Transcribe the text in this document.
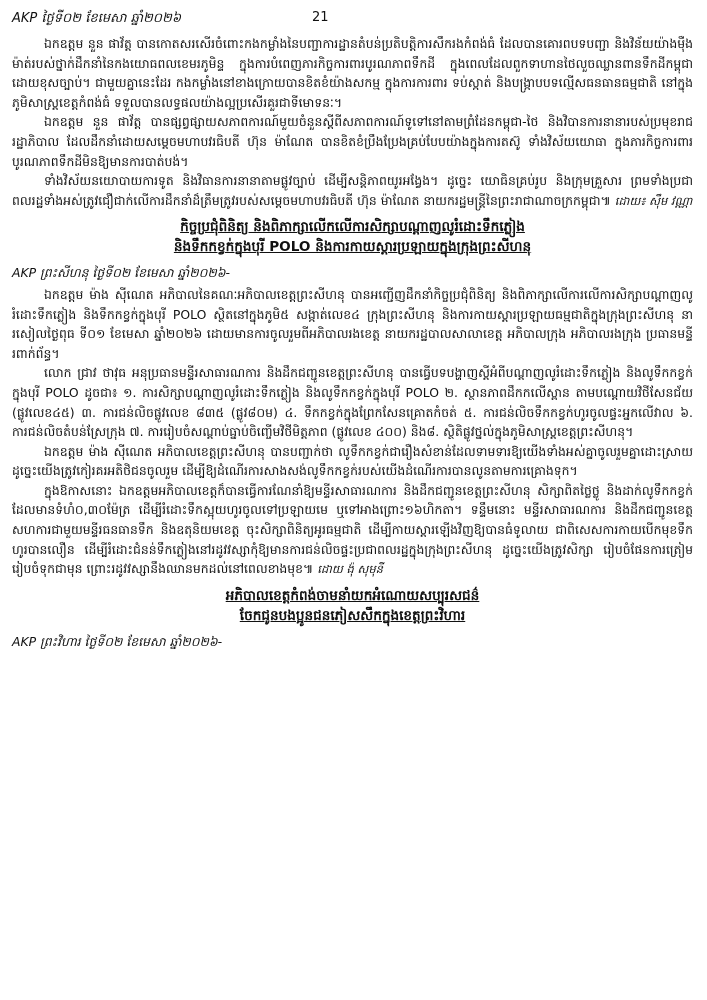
AKP ថ្ងៃទី០២ ខែមេសា ឆ្នាំ២០២៦	21

ឯកឧត្តម នួន ផាវ័ត្ត បានកោតសរសើរចំពោះកងកម្លាំងនៃបញ្ជាការដ្ឋានតំបន់ប្រតិបត្តិការសឹករងកំពង់ធំ ដែលបានគោរពបទបញ្ជា និងវិន័យយ៉ាងម៉ឺងម៉ាត់របស់ថ្នាក់ដឹកនាំនៃកងយោធពលខេមរភូមិន្ទ ក្នុងការបំពេញភារកិច្ចការពារបូរណភាពទឹកដី ក្នុងពេលដែលពួកទាហានថៃលួចឈ្លានពានទឹកដីកម្ពុជាដោយខុសច្បាប់។ ជាមួយគ្នានេះដែរ កងកម្លាំងនៅខាងក្រោយបានខិតខំយ៉ាងសកម្ម ក្នុងការការពារ ទប់ស្កាត់ និងបង្ក្រាបបទល្មើសធនធានធម្មជាតិ នៅក្នុងភូមិសាស្ត្រខេត្តកំពង់ធំ ទទួលបានលទ្ធផលយ៉ាងល្អប្រសើរគួរជាទីមោទនៈ។

ឯកឧត្តម នួន ផាវ័ត្ត បានផ្សព្វផ្សាយសភាពការណ៍មួយចំនួនស្តីពីសភាពការណ៍ទូទៅនៅតាមព្រំដែនកម្ពុជា-ថៃ និងវិបានការនានារបស់ប្រមុខរាជរដ្ឋាភិបាល ដែលដឹកនាំដោយសម្តេចមហាបវរធិបតី ហ៊ុន ម៉ាណែត បានខិតខំប្រឹងប្រែងគ្រប់បែបយ៉ាងក្នុងការតស៊ូ ទាំងវិស័យយោធា ក្នុងភារកិច្ចការពារបូរណភាពទឹកដីមិនឱ្យមានការបាត់បង់។

ទាំងវិស័យនយោបាយការទូត និងវិធានការនានាតាមផ្លូវច្បាប់ ដើម្បីសន្តិភាពយូរអង្វែង។ ដូច្នេះ យោធិនគ្រប់រូប និងក្រុមគ្រួសារ ព្រមទាំងប្រជាពលរដ្ឋទាំងអស់ត្រូវជឿជាក់លើការដឹកនាំដ៏ត្រឹមត្រូវរបស់សម្តេចមហាបវរធិបតី ហ៊ុន ម៉ាណែត នាយករដ្ឋមន្ត្រីនៃព្រះរាជាណាចក្រកម្ពុជា៕ ដោយ៖ ស៊ឹម វណ្ណា

កិច្ចប្រជុំពិនិត្យ និងពិភាក្សាលើកលើការសិក្សាបណ្តាញលូរំដោះទឹកភ្លៀង
និងទឹកកខ្វក់ក្នុងបុរី POLO និងការកាយស្តារប្រឡាយក្នុងក្រុងព្រះសីហនុ
AKP ព្រះសីហនុ ថ្ងៃទី០២ ខែមេសា ឆ្នាំ២០២៦-

ឯកឧត្តម ម៉ាង ស៊ីណេត អភិបាលនៃគណៈអភិបាលខេត្តព្រះសីហនុ បានអញ្ជើញដឹកនាំកិច្ចប្រជុំពិនិត្យ និងពិភាក្សាលើការលើការសិក្សាបណ្តាញលូរំដោះទឹកភ្លៀង និងទឹកកខ្វក់ក្នុងបុរី POLO ស្ថិតនៅក្នុងភូមិ៥ សង្កាត់លេខ៤ ក្រុងព្រះសីហនុ និងការកាយស្តារប្រឡាយធម្មជាតិក្នុងក្រុងព្រះសីហនុ នារសៀលថ្ងៃពុធ ទី០១ ខែមេសា ឆ្នាំ២០២៦ ដោយមានការចូលរួមពីអភិបាលរងខេត្ត នាយករដ្ឋបាលសាលាខេត្ត អភិបាលក្រុង អភិបាលរងក្រុង ប្រធានមន្ទីរពាក់ព័ន្ធ។

លោក ជ្រាវ ថាវុធ អនុប្រធានមន្ទីរសាធារណការ និងដឹកជញ្ជូនខេត្តព្រះសីហនុ បានធ្វើបទបង្ហាញស្តីអំពីបណ្តាញលូរំដោះទឹកភ្លៀង និងលូទឹកកខ្វក់ក្នុងបុរី POLO ដូចជា៖ ១. ការសិក្សាបណ្តាញលូរំដោះទឹកភ្លៀង និងលូទឹកកខ្វក់ក្នុងបុរី POLO ២. ស្ថានភាពដឹកកលើស្ពាន តាមបណ្តោយវិថីសែនជ័យ (ផ្លូវលេខ៤៥) ៣. ការជន់លិចផ្លូវលេខ ៨៣៥ (ផ្លូវ៨០ម) ៤. ទឹកកខ្វក់ក្នុងព្រែកសែនគ្រោតកំចត់ ៥. ការជន់លិចទឹកកខ្វក់ហូរចូលផ្ទះអ្នកលើវាល ៦. ការជន់លិចតំបន់ស្រែក្រុង ៧. ការរៀបចំសណ្តាប់ធ្នាប់ចិញ្ចើមវិថីមិត្តភាព (ផ្លូវលេខ ៤០០) និង៨. ស្ថិតិផ្លូវថ្នល់ក្នុងភូមិសាស្ត្រខេត្តព្រះសីហនុ។

ឯកឧត្តម ម៉ាង ស៊ីណេត អភិបាលខេត្តព្រះសីហនុ បានបញ្ជាក់ថា លូទឹកកខ្វក់ជារឿងសំខាន់ដែលទាមទារឱ្យយើងទាំងអស់គ្នាចូលរួមគ្នាដោះស្រាយ ដូច្នេះយើងត្រូវកៀរគរអតិថិជនចូលរួម ដើម្បីឱ្យដំណើរការសាងសង់លូទឹកកខ្វក់របស់យើងដំណើរការបានលូនតាមការគ្រោងទុក។

ក្នុងឱកាសនោះ ឯកឧត្តមអភិបាលខេត្តក៏បានធ្វើការណែនាំឱ្យមន្ទីរសាធារណការ និងដឹកជញ្ជូនខេត្តព្រះសីហនុ សិក្សាពិតថ្លៃថ្លូ និងដាក់លូទឹកកខ្វក់ដែលមានទំហំ០,៣០ម៉ែត្រ ដើម្បីរំដោះទឹកស្អុយហូរចូលទៅប្រឡាយមេ ឬទៅអាងព្រោះ១៦ហិកតា។ ទន្ទឹមនោះ មន្ទីរសាធារណការ និងដឹកជញ្ជូនខេត្ត សហការជាមួយមន្ទីរធនធានទឹក និងឧតុនិយមខេត្ត ចុះសិក្សាពិនិត្យអូរធម្មជាតិ ដើម្បីកាយស្តារឡើងវិញឱ្យបានធំទូលាយ ជាពិសេសការកាយបើកមុខទឹកហូរបានលឿន ដើម្បីរំដោះជំនន់ទឹកភ្លៀងនៅរដូវវស្សាកុំឱ្យមានការជន់លិចផ្ទះប្រជាពលរដ្ឋក្នុងក្រុងព្រះសីហនុ ដូច្នេះយើងត្រូវសិក្សា រៀបចំផែនការត្រៀមរៀបចំទុកជាមុន ព្រោះរដូវវស្សានឹងឈានមកដល់នៅពេលខាងមុខ៕ ដោយ ង៉ុ សុមុនី

អភិបាលខេត្តកំពង់ចាមនាំយកអំណោយសប្បុរសជន៌
ចែកជូនបងប្អូនជនភៀសសឹកក្នុងខេត្តព្រះវិហារ
AKP ព្រះវិហារ ថ្ងៃទី០២ ខែមេសា ឆ្នាំ២០២៦-
